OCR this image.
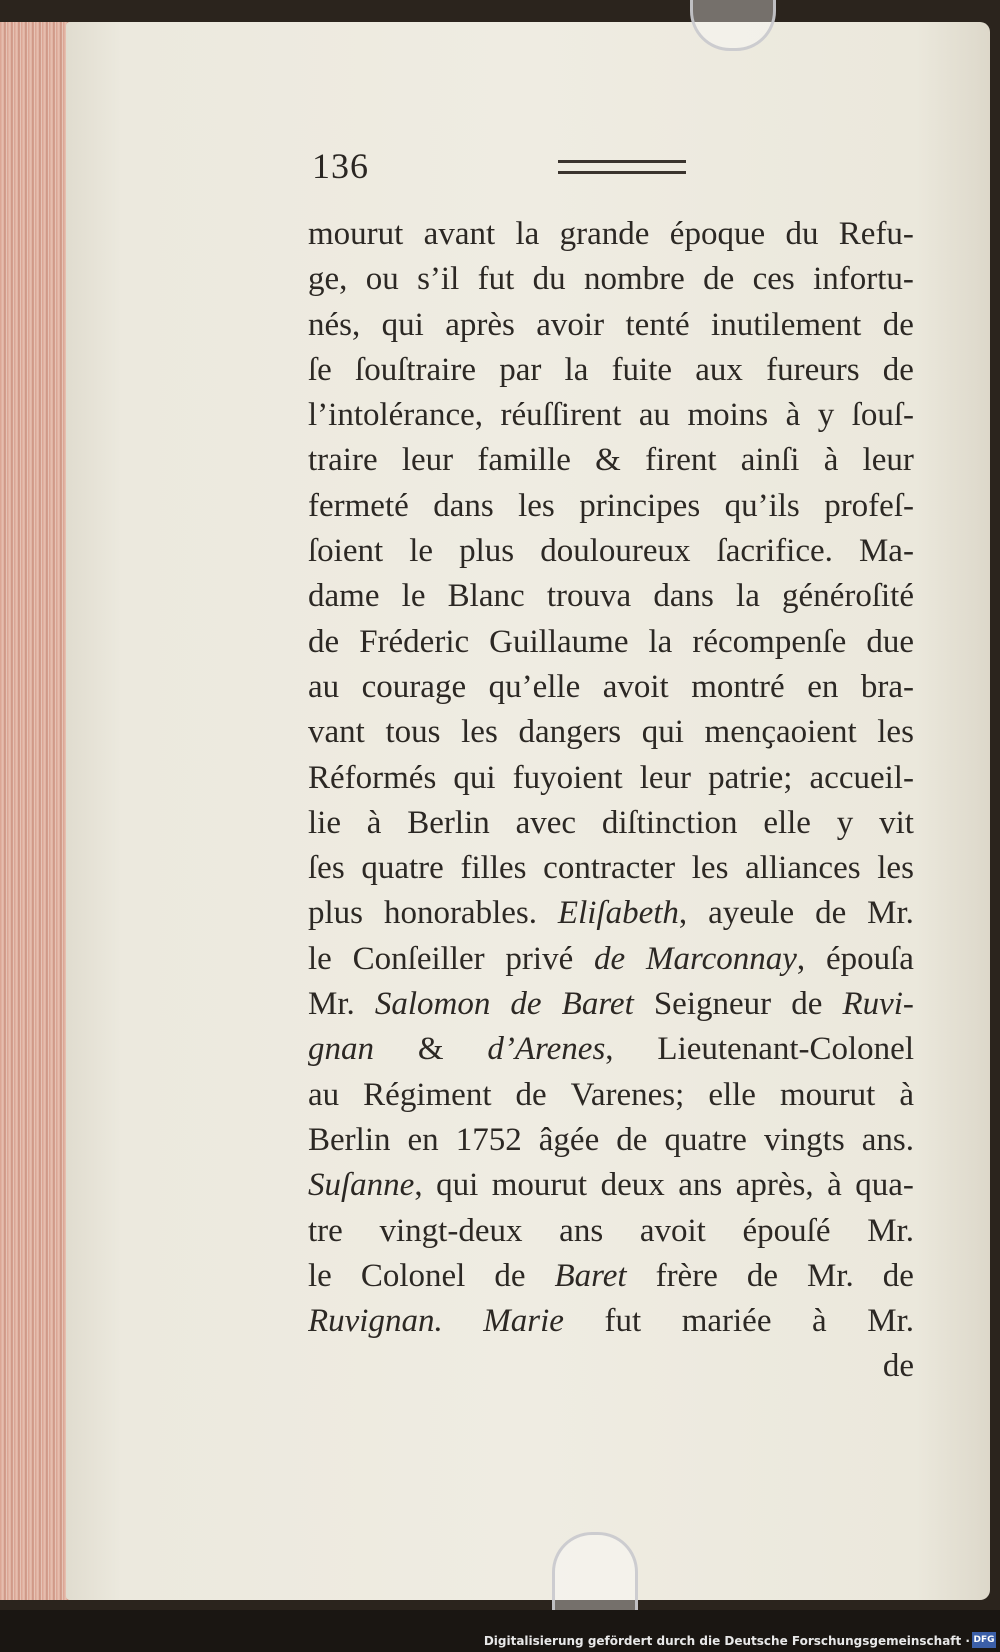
136
mourut avant la grande époque du Refu-
ge, ou s’il fut du nombre de ces infortu-
nés, qui après avoir tenté inutilement de
ſe ſouſtraire par la fuite aux fureurs de
l’intolérance, réuſſirent au moins à y ſouſ-
traire leur famille & firent ainſi à leur
fermeté dans les principes qu’ils profeſ-
ſoient le plus douloureux ſacrifice. Ma-
dame le Blanc trouva dans la généroſité
de Fréderic Guillaume la récompenſe due
au courage qu’elle avoit montré en bra-
vant tous les dangers qui menҫaoient les
Réformés qui fuyoient leur patrie; accueil-
lie à Berlin avec diſtinction elle y vit
ſes quatre filles contracter les alliances les
plus honorables. Eliſabeth, ayeule de Mr.
le Conſeiller privé de Marconnay, épouſa
Mr. Salomon de Baret Seigneur de Ruvi-
gnan & d’Arenes, Lieutenant-Colonel
au Régiment de Varenes; elle mourut à
Berlin en 1752 âgée de quatre vingts ans.
Suſanne, qui mourut deux ans après, à qua-
tre vingt-deux ans avoit épouſé Mr.
le Colonel de Baret frère de Mr. de
Ruvignan. Marie fut mariée à Mr.
de
Digitalisierung gefördert durch die Deutsche Forschungsgemeinschaft · DFG
